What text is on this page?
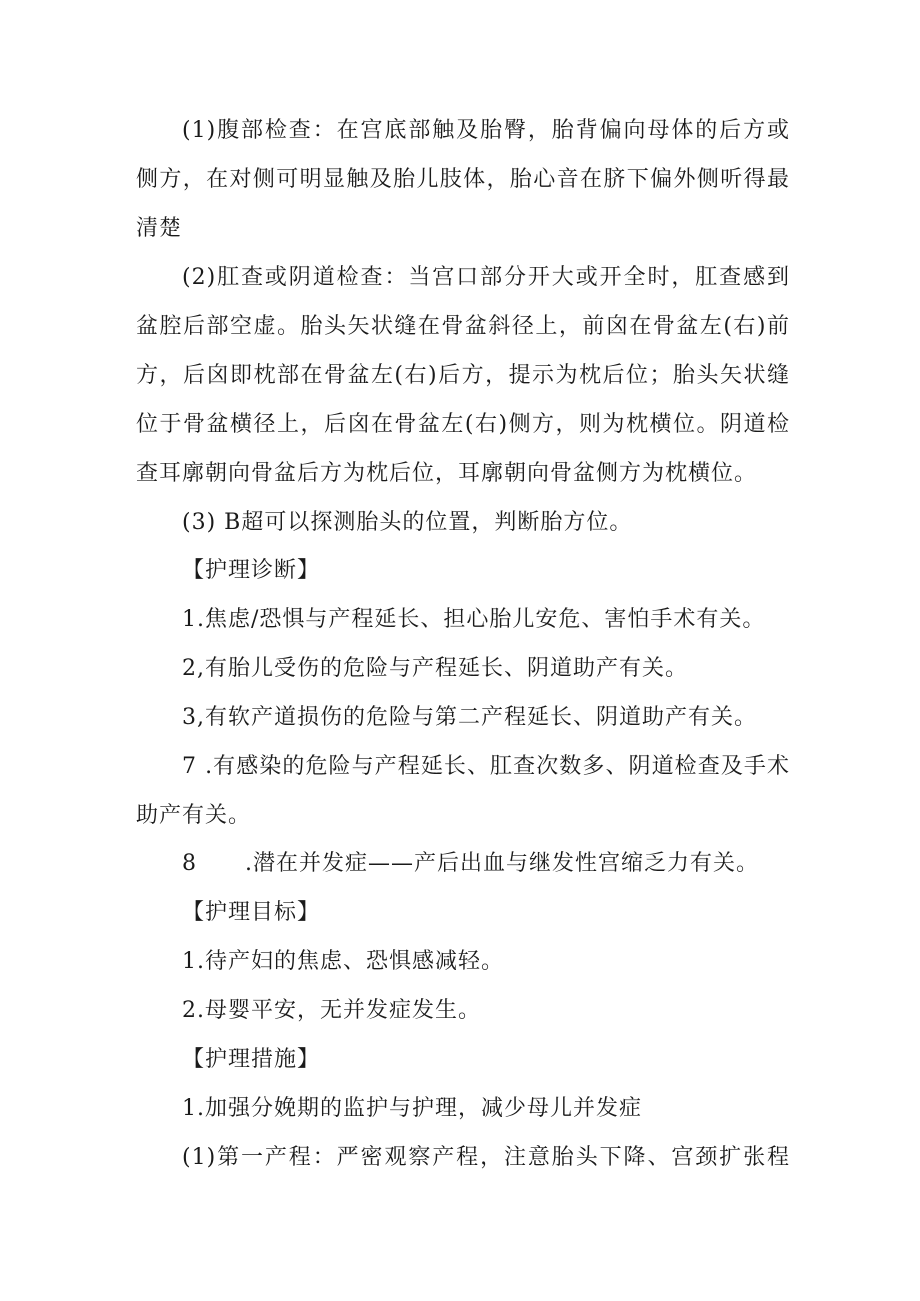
(1)腹部检查：在宫底部触及胎臀，胎背偏向母体的后方或
侧方，在对侧可明显触及胎儿肢体，胎心音在脐下偏外侧听得最
清楚
(2)肛查或阴道检查：当宫口部分开大或开全时，肛查感到
盆腔后部空虚。胎头矢状缝在骨盆斜径上，前囟在骨盆左(右)前
方，后囟即枕部在骨盆左(右)后方，提示为枕后位；胎头矢状缝
位于骨盆横径上，后囟在骨盆左(右)侧方，则为枕横位。阴道检
查耳廓朝向骨盆后方为枕后位，耳廓朝向骨盆侧方为枕横位。
(3) B超可以探测胎头的位置，判断胎方位。
【护理诊断】
1.焦虑/恐惧与产程延长、担心胎儿安危、害怕手术有关。
2,有胎儿受伤的危险与产程延长、阴道助产有关。
3,有软产道损伤的危险与第二产程延长、阴道助产有关。
7 .有感染的危险与产程延长、肛查次数多、阴道检查及手术
助产有关。
8      .潜在并发症——产后出血与继发性宫缩乏力有关。
【护理目标】
1.待产妇的焦虑、恐惧感减轻。
2.母婴平安，无并发症发生。
【护理措施】
1.加强分娩期的监护与护理，减少母儿并发症
(1)第一产程：严密观察产程，注意胎头下降、宫颈扩张程
